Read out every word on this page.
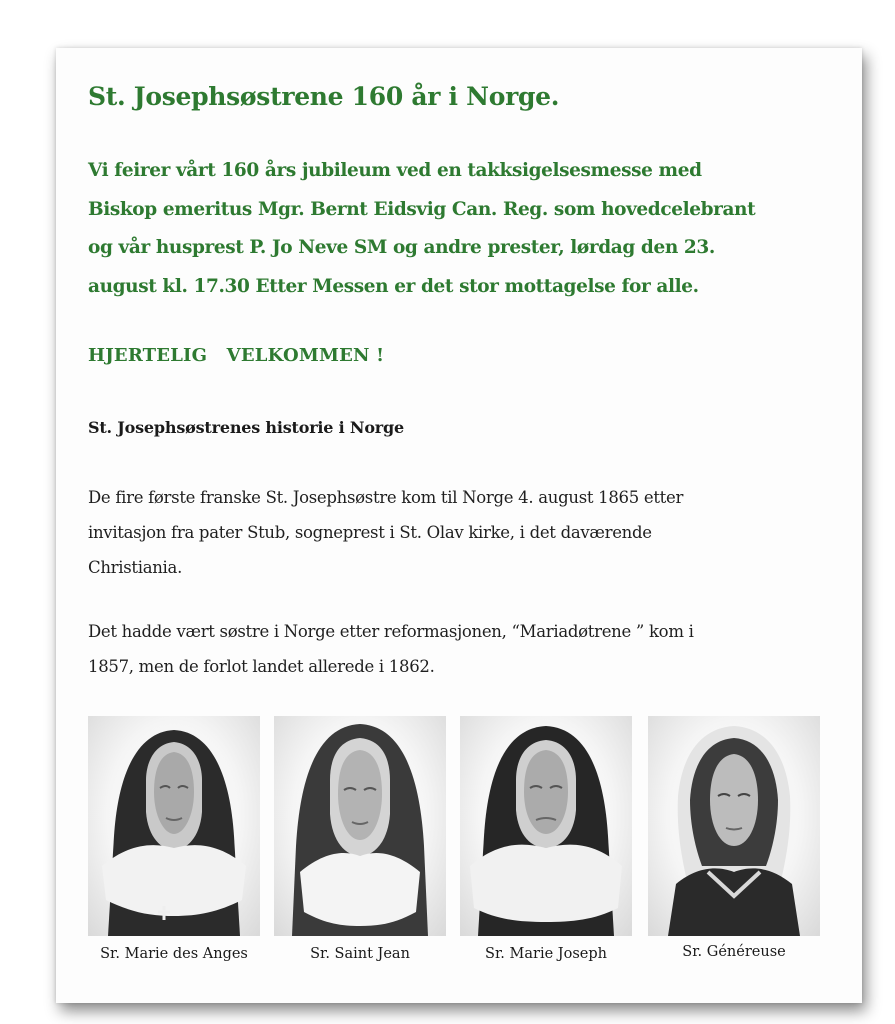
St. Josephsøstrene 160 år i Norge.

Vi feirer vårt 160 års jubileum ved en takksigelsesmesse med
Biskop emeritus Mgr. Bernt Eidsvig Can. Reg. som hovedcelebrant
og vår husprest P. Jo Neve SM og andre prester, lørdag den 23.
august kl. 17.30 Etter Messen er det stor mottagelse for alle.

HJERTELIG   VELKOMMEN !

St. Josephsøstrenes historie i Norge

De fire første franske St. Josephsøstre kom til Norge 4. august 1865 etter
invitasjon fra pater Stub, sogneprest i St. Olav kirke, i det daværende
Christiania.

Det hadde vært søstre i Norge etter reformasjonen, “Mariadøtrene ” kom i
1857, men de forlot landet allerede i 1862.

Sr. Marie des Anges	Sr. Saint Jean	Sr. Marie Joseph	Sr. Généreuse
